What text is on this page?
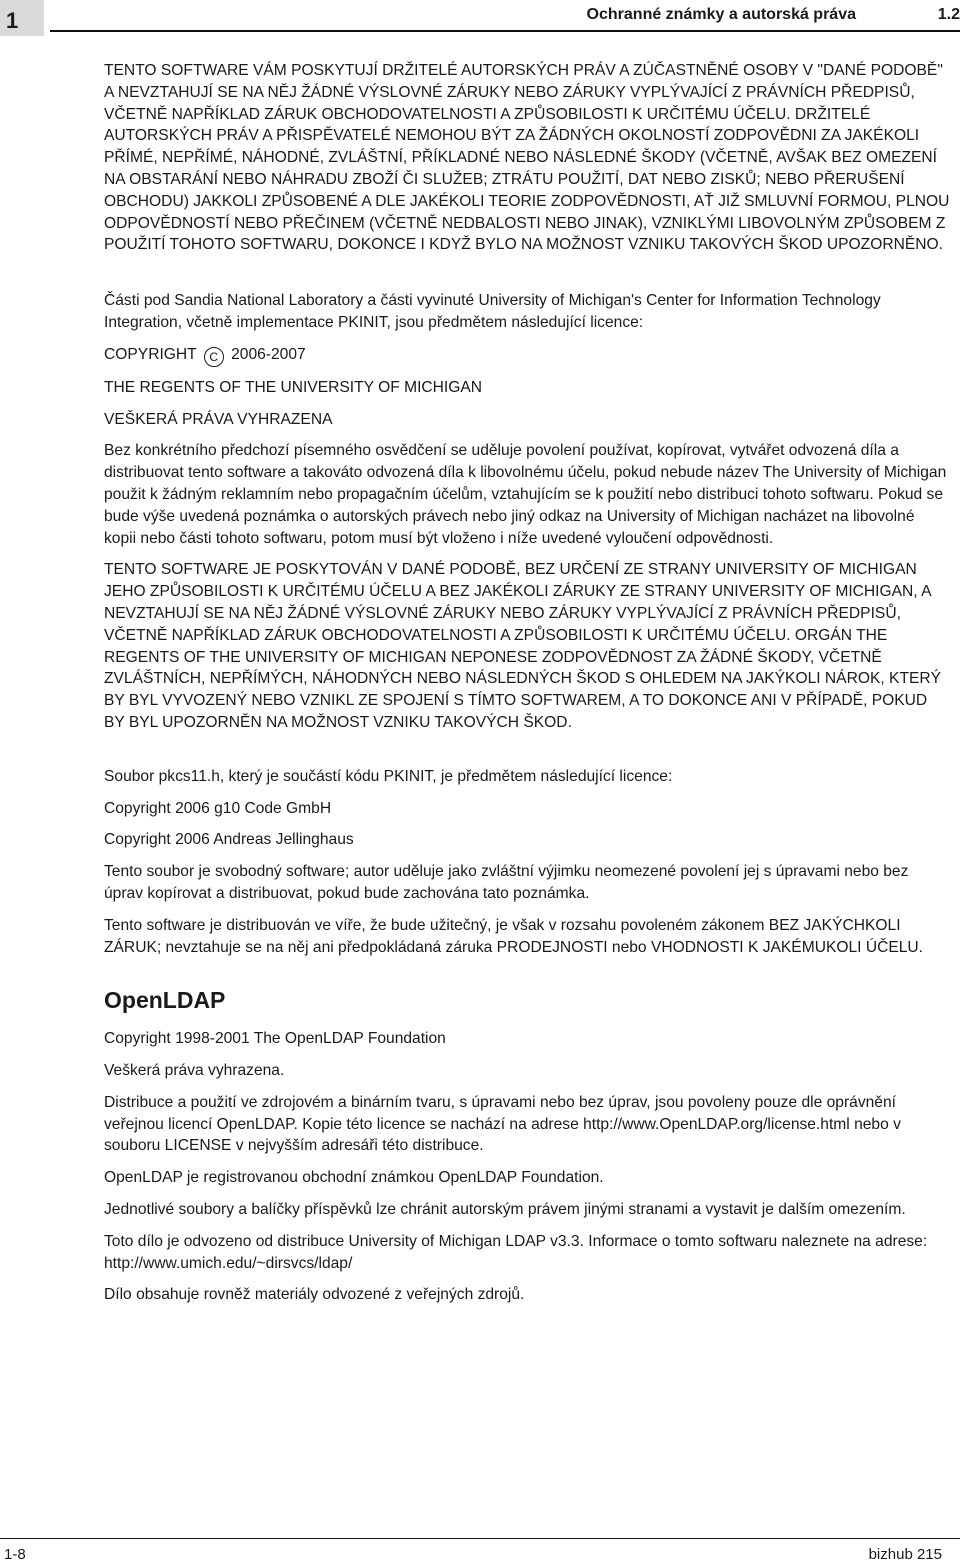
1	Ochranné známky a autorská práva	1.2

TENTO SOFTWARE VÁM POSKYTUJÍ DRŽITELÉ AUTORSKÝCH PRÁV A ZÚČASTNĚNÉ OSOBY V "DANÉ PODOBĚ" A NEVZTAHUJÍ SE NA NĚJ ŽÁDNÉ VÝSLOVNÉ ZÁRUKY NEBO ZÁRUKY VYPLÝVAJÍCÍ Z PRÁVNÍCH PŘEDPISŮ, VČETNĚ NAPŘÍKLAD ZÁRUK OBCHODOVATELNOSTI A ZPŮSOBILOSTI K URČITÉMU ÚČELU. DRŽITELÉ AUTORSKÝCH PRÁV A PŘISPĚVATELÉ NEMOHOU BÝT ZA ŽÁDNÝCH OKOLNOSTÍ ZODPOVĚDNI ZA JAKÉKOLI PŘÍMÉ, NEPŘÍMÉ, NÁHODNÉ, ZVLÁŠTNÍ, PŘÍKLADNÉ NEBO NÁSLEDNÉ ŠKODY (VČETNĚ, AVŠAK BEZ OMEZENÍ NA OBSTARÁNÍ NEBO NÁHRADU ZBOŽÍ ČI SLUŽEB; ZTRÁTU POUŽITÍ, DAT NEBO ZISKŮ; NEBO PŘERUŠENÍ OBCHODU) JAKKOLI ZPŮSOBENÉ A DLE JAKÉKOLI TEORIE ZODPOVĚDNOSTI, AŤ JIŽ SMLUVNÍ FORMOU, PLNOU ODPOVĚDNOSTÍ NEBO PŘEČINEM (VČETNĚ NEDBALOSTI NEBO JINAK), VZNIKLÝMI LIBOVOLNÝM ZPŮSOBEM Z POUŽITÍ TOHOTO SOFTWARU, DOKONCE I KDYŽ BYLO NA MOŽNOST VZNIKU TAKOVÝCH ŠKOD UPOZORNĚNO.

Části pod Sandia National Laboratory a části vyvinuté University of Michigan's Center for Information Technology Integration, včetně implementace PKINIT, jsou předmětem následující licence:

COPYRIGHT C 2006-2007

THE REGENTS OF THE UNIVERSITY OF MICHIGAN

VEŠKERÁ PRÁVA VYHRAZENA

Bez konkrétního předchozí písemného osvědčení se uděluje povolení používat, kopírovat, vytvářet odvozená díla a distribuovat tento software a takováto odvozená díla k libovolnému účelu, pokud nebude název The University of Michigan použit k žádným reklamním nebo propagačním účelům, vztahujícím se k použití nebo distribuci tohoto softwaru. Pokud se bude výše uvedená poznámka o autorských právech nebo jiný odkaz na University of Michigan nacházet na libovolné kopii nebo části tohoto softwaru, potom musí být vloženo i níže uvedené vyloučení odpovědnosti.

TENTO SOFTWARE JE POSKYTOVÁN V DANÉ PODOBĚ, BEZ URČENÍ ZE STRANY UNIVERSITY OF MICHIGAN JEHO ZPŮSOBILOSTI K URČITÉMU ÚČELU A BEZ JAKÉKOLI ZÁRUKY ZE STRANY UNIVERSITY OF MICHIGAN, A NEVZTAHUJÍ SE NA NĚJ ŽÁDNÉ VÝSLOVNÉ ZÁRUKY NEBO ZÁRUKY VYPLÝVAJÍCÍ Z PRÁVNÍCH PŘEDPISŮ, VČETNĚ NAPŘÍKLAD ZÁRUK OBCHODOVATELNOSTI A ZPŮSOBILOSTI K URČITÉMU ÚČELU. ORGÁN THE REGENTS OF THE UNIVERSITY OF MICHIGAN NEPONESE ZODPOVĚDNOST ZA ŽÁDNÉ ŠKODY, VČETNĚ ZVLÁŠTNÍCH, NEPŘÍMÝCH, NÁHODNÝCH NEBO NÁSLEDNÝCH ŠKOD S OHLEDEM NA JAKÝKOLI NÁROK, KTERÝ BY BYL VYVOZENÝ NEBO VZNIKL ZE SPOJENÍ S TÍMTO SOFTWAREM, A TO DOKONCE ANI V PŘÍPADĚ, POKUD BY BYL UPOZORNĚN NA MOŽNOST VZNIKU TAKOVÝCH ŠKOD.

Soubor pkcs11.h, který je součástí kódu PKINIT, je předmětem následující licence:

Copyright 2006 g10 Code GmbH

Copyright 2006 Andreas Jellinghaus

Tento soubor je svobodný software; autor uděluje jako zvláštní výjimku neomezené povolení jej s úpravami nebo bez úprav kopírovat a distribuovat, pokud bude zachována tato poznámka.

Tento software je distribuován ve víře, že bude užitečný, je však v rozsahu povoleném zákonem BEZ JAKÝCHKOLI ZÁRUK; nevztahuje se na něj ani předpokládaná záruka PRODEJNOSTI nebo VHODNOSTI K JAKÉMUKOLI ÚČELU.

OpenLDAP

Copyright 1998-2001 The OpenLDAP Foundation

Veškerá práva vyhrazena.

Distribuce a použití ve zdrojovém a binárním tvaru, s úpravami nebo bez úprav, jsou povoleny pouze dle oprávnění veřejnou licencí OpenLDAP. Kopie této licence se nachází na adrese http://www.OpenLDAP.org/license.html nebo v souboru LICENSE v nejvyšším adresáři této distribuce.

OpenLDAP je registrovanou obchodní známkou OpenLDAP Foundation.

Jednotlivé soubory a balíčky příspěvků lze chránit autorským právem jinými stranami a vystavit je dalším omezením.

Toto dílo je odvozeno od distribuce University of Michigan LDAP v3.3. Informace o tomto softwaru naleznete na adrese: http://www.umich.edu/~dirsvcs/ldap/

Dílo obsahuje rovněž materiály odvozené z veřejných zdrojů.

1-8	bizhub 215
